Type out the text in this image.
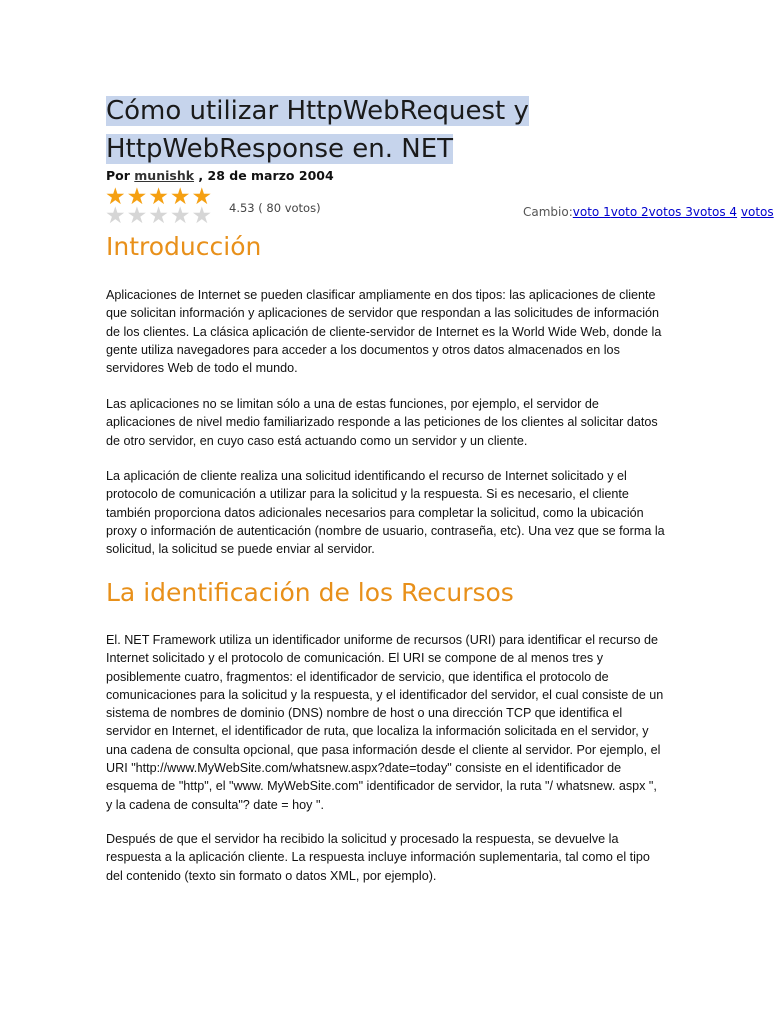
Cómo utilizar HttpWebRequest y
HttpWebResponse en. NET
Por munishk , 28 de marzo 2004
★★★★★
★★★★★ 4.53 ( 80 votos)	Cambio:voto 1voto 2votos 3votos 4 votos
Introducción

Aplicaciones de Internet se pueden clasificar ampliamente en dos tipos: las aplicaciones de cliente que solicitan información y aplicaciones de servidor que respondan a las solicitudes de información de los clientes. La clásica aplicación de cliente-servidor de Internet es la World Wide Web, donde la gente utiliza navegadores para acceder a los documentos y otros datos almacenados en los servidores Web de todo el mundo.

Las aplicaciones no se limitan sólo a una de estas funciones, por ejemplo, el servidor de aplicaciones de nivel medio familiarizado responde a las peticiones de los clientes al solicitar datos de otro servidor, en cuyo caso está actuando como un servidor y un cliente.

La aplicación de cliente realiza una solicitud identificando el recurso de Internet solicitado y el protocolo de comunicación a utilizar para la solicitud y la respuesta. Si es necesario, el cliente también proporciona datos adicionales necesarios para completar la solicitud, como la ubicación proxy o información de autenticación (nombre de usuario, contraseña, etc). Una vez que se forma la solicitud, la solicitud se puede enviar al servidor.

La identificación de los Recursos

El. NET Framework utiliza un identificador uniforme de recursos (URI) para identificar el recurso de Internet solicitado y el protocolo de comunicación. El URI se compone de al menos tres y posiblemente cuatro, fragmentos: el identificador de servicio, que identifica el protocolo de comunicaciones para la solicitud y la respuesta, y el identificador del servidor, el cual consiste de un sistema de nombres de dominio (DNS) nombre de host o una dirección TCP que identifica el servidor en Internet, el identificador de ruta, que localiza la información solicitada en el servidor, y una cadena de consulta opcional, que pasa información desde el cliente al servidor. Por ejemplo, el URI "http://www.MyWebSite.com/whatsnew.aspx?date=today" consiste en el identificador de esquema de "http", el "www. MyWebSite.com" identificador de servidor, la ruta "/ whatsnew. aspx ", y la cadena de consulta"? date = hoy ".

Después de que el servidor ha recibido la solicitud y procesado la respuesta, se devuelve la respuesta a la aplicación cliente. La respuesta incluye información suplementaria, tal como el tipo del contenido (texto sin formato o datos XML, por ejemplo).
